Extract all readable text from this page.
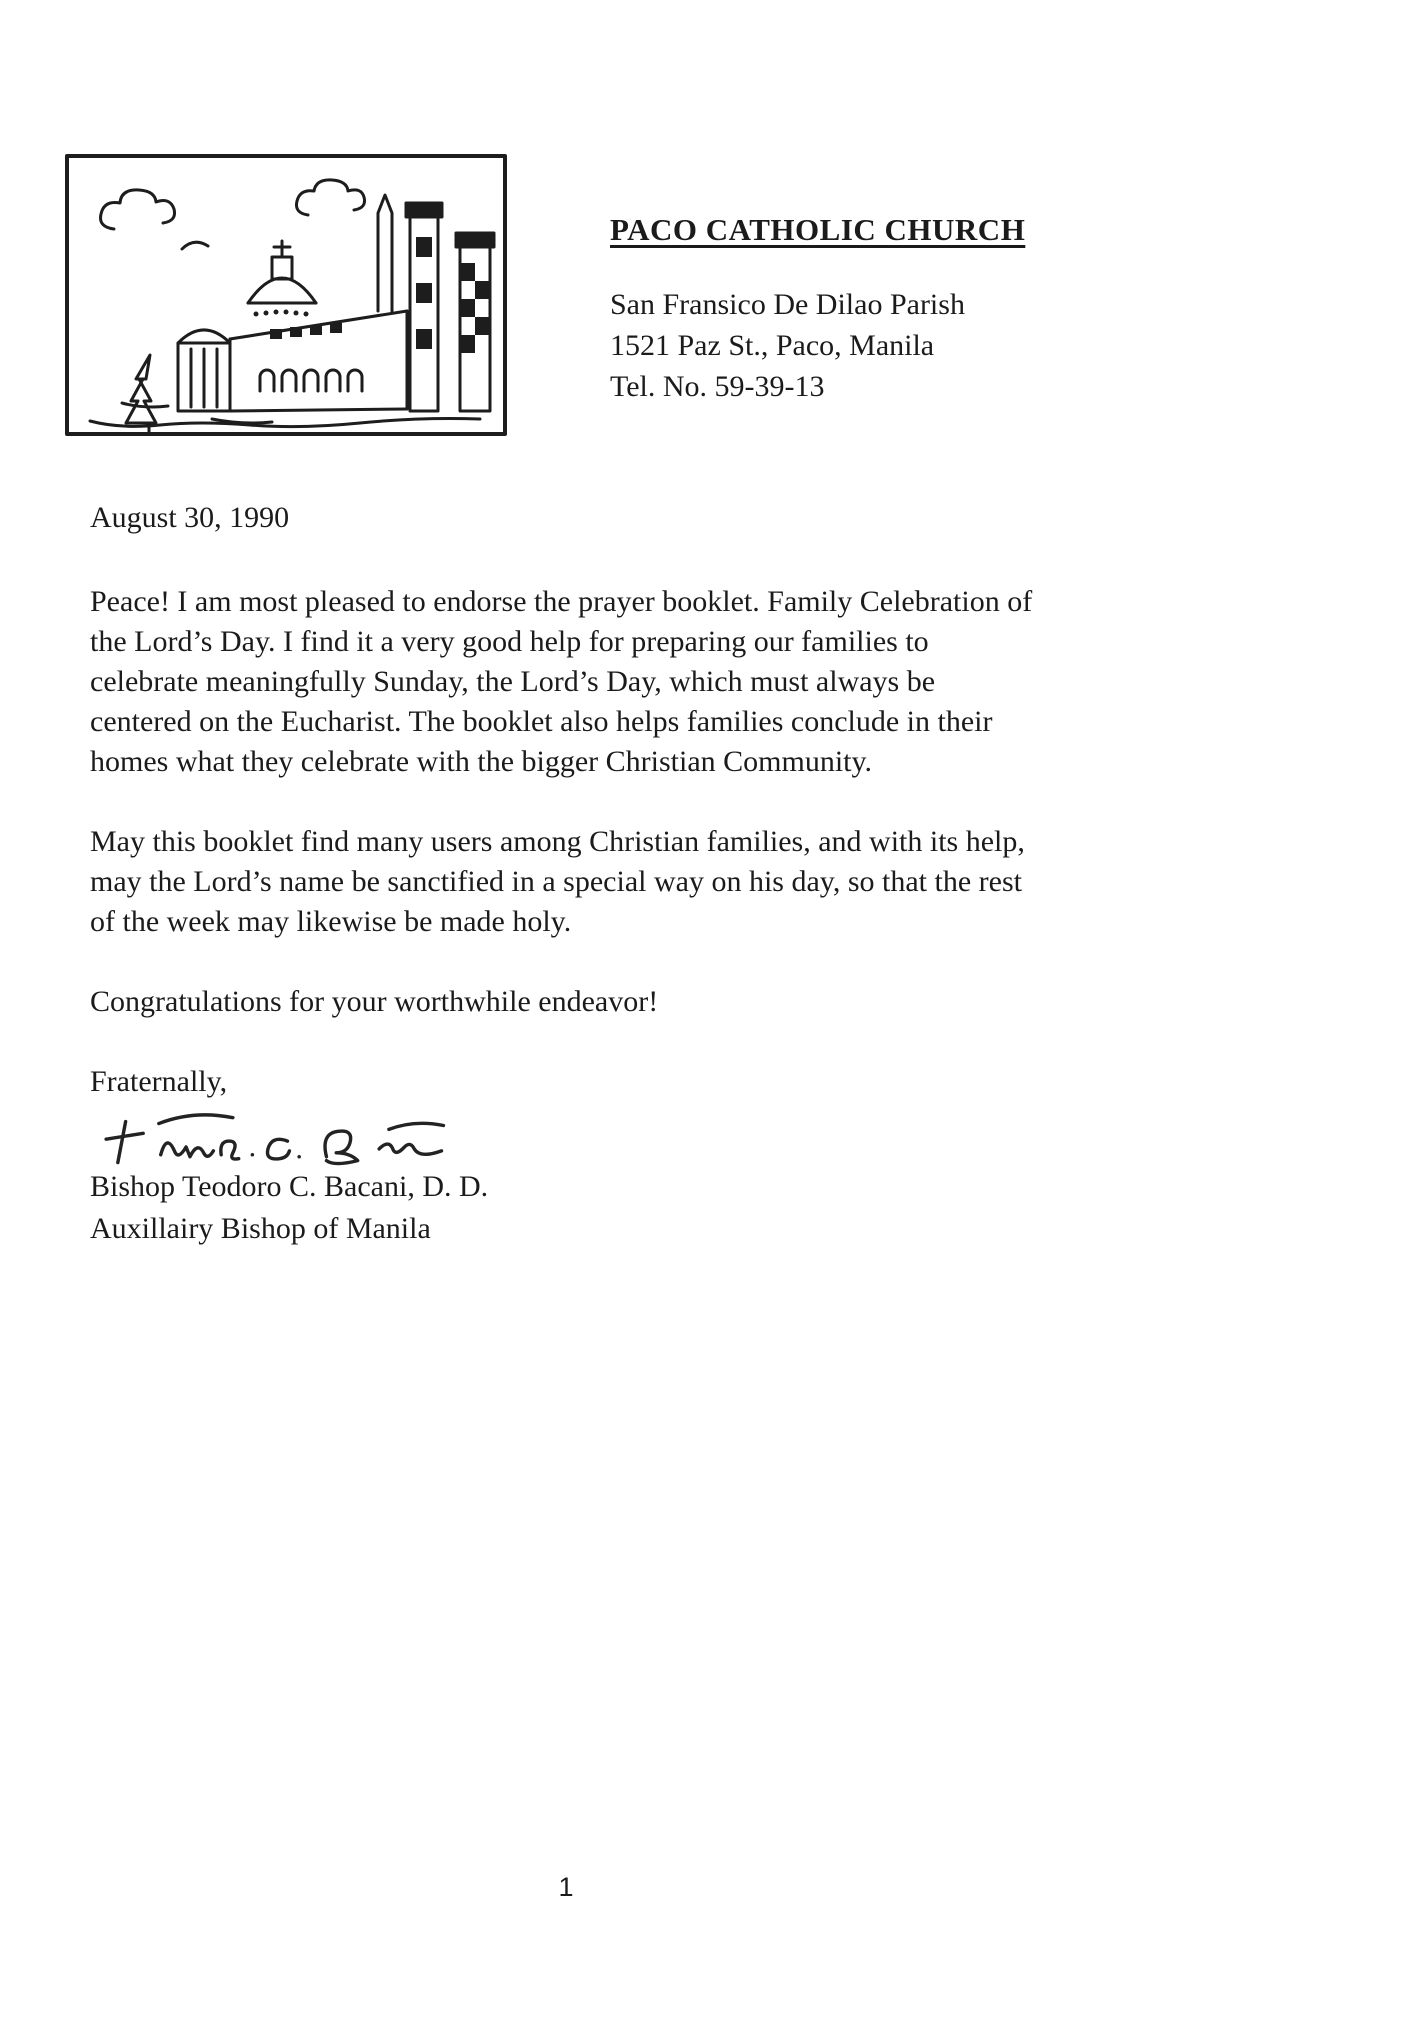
PACO CATHOLIC CHURCH
San Fransico De Dilao Parish
1521 Paz St., Paco, Manila
Tel. No. 59-39-13
August 30, 1990

Peace! I am most pleased to endorse the prayer booklet. Family Celebration of the Lord’s Day. I find it a very good help for preparing our families to celebrate meaningfully Sunday, the Lord’s Day, which must always be centered on the Eucharist. The booklet also helps families conclude in their homes what they celebrate with the bigger Christian Community.

May this booklet find many users among Christian families, and with its help, may the Lord’s name be sanctified in a special way on his day, so that the rest of the week may likewise be made holy.

Congratulations for your worthwhile endeavor!

Fraternally,

Bishop Teodoro C. Bacani, D. D.
Auxillairy Bishop of Manila
1
